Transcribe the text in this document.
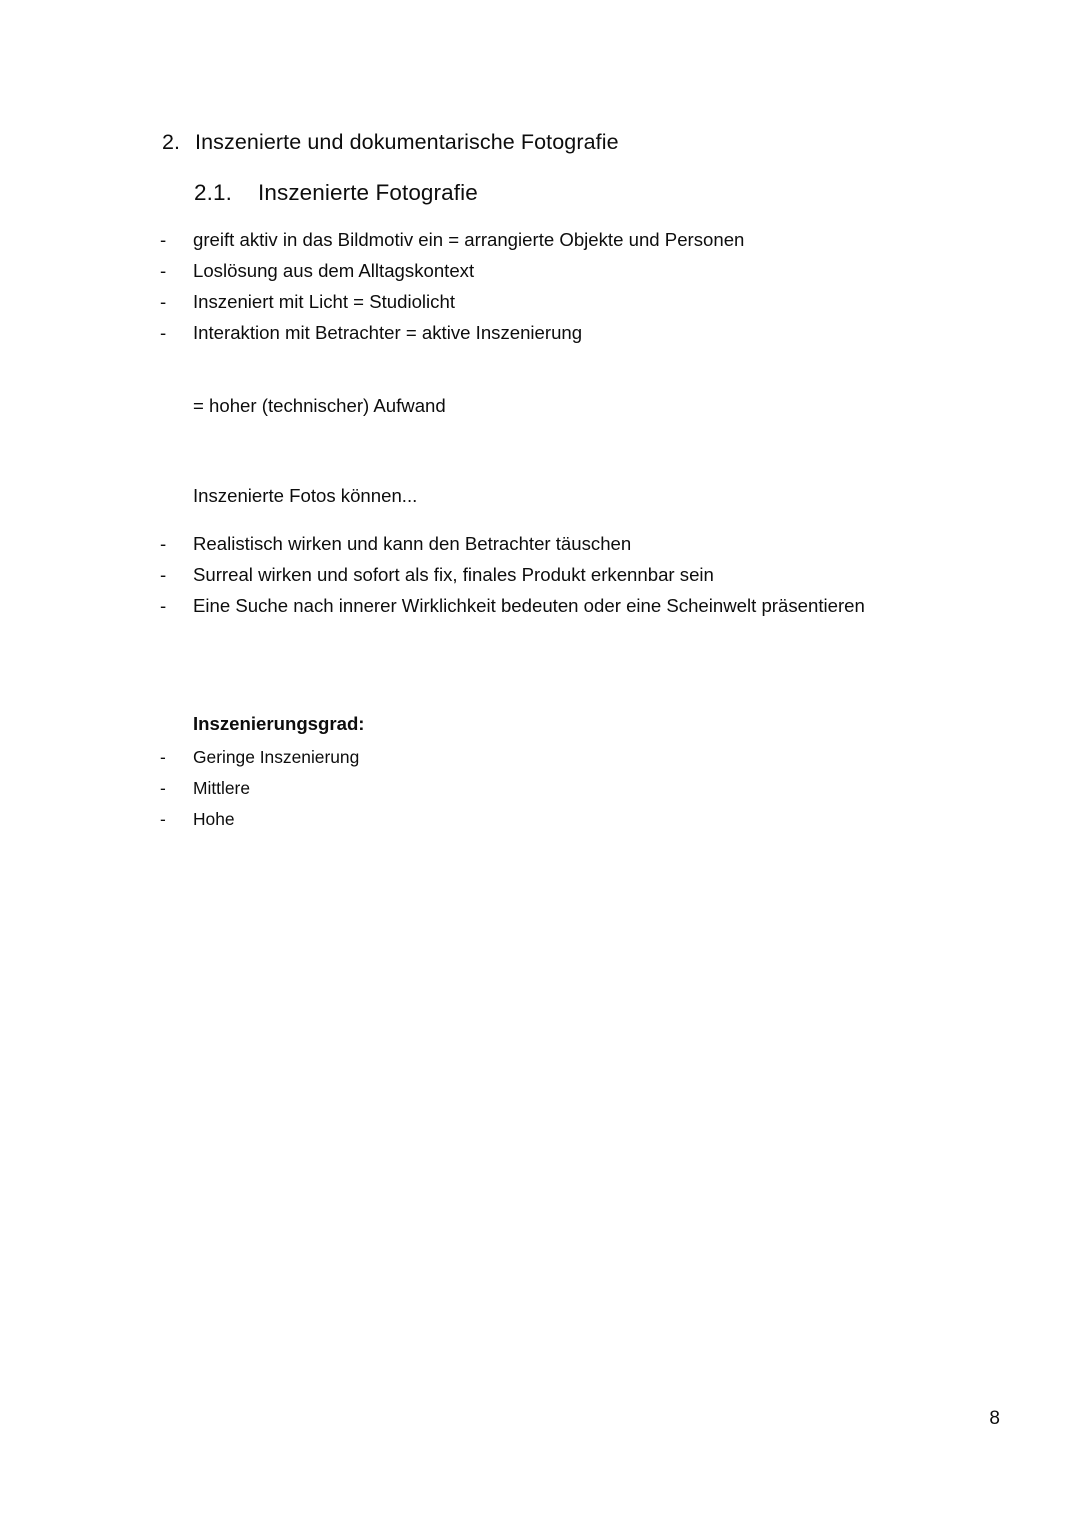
2. Inszenierte und dokumentarische Fotografie
2.1.	Inszenierte Fotografie
-	greift aktiv in das Bildmotiv ein = arrangierte Objekte und Personen
-	Loslösung aus dem Alltagskontext
-	Inszeniert mit Licht = Studiolicht
-	Interaktion mit Betrachter = aktive Inszenierung
= hoher (technischer) Aufwand
Inszenierte Fotos können...
-	Realistisch wirken und kann den Betrachter täuschen
-	Surreal wirken und sofort als fix, finales Produkt erkennbar sein
-	Eine Suche nach innerer Wirklichkeit bedeuten oder eine Scheinwelt präsentieren
Inszenierungsgrad:
-	Geringe Inszenierung
-	Mittlere
-	Hohe
8
